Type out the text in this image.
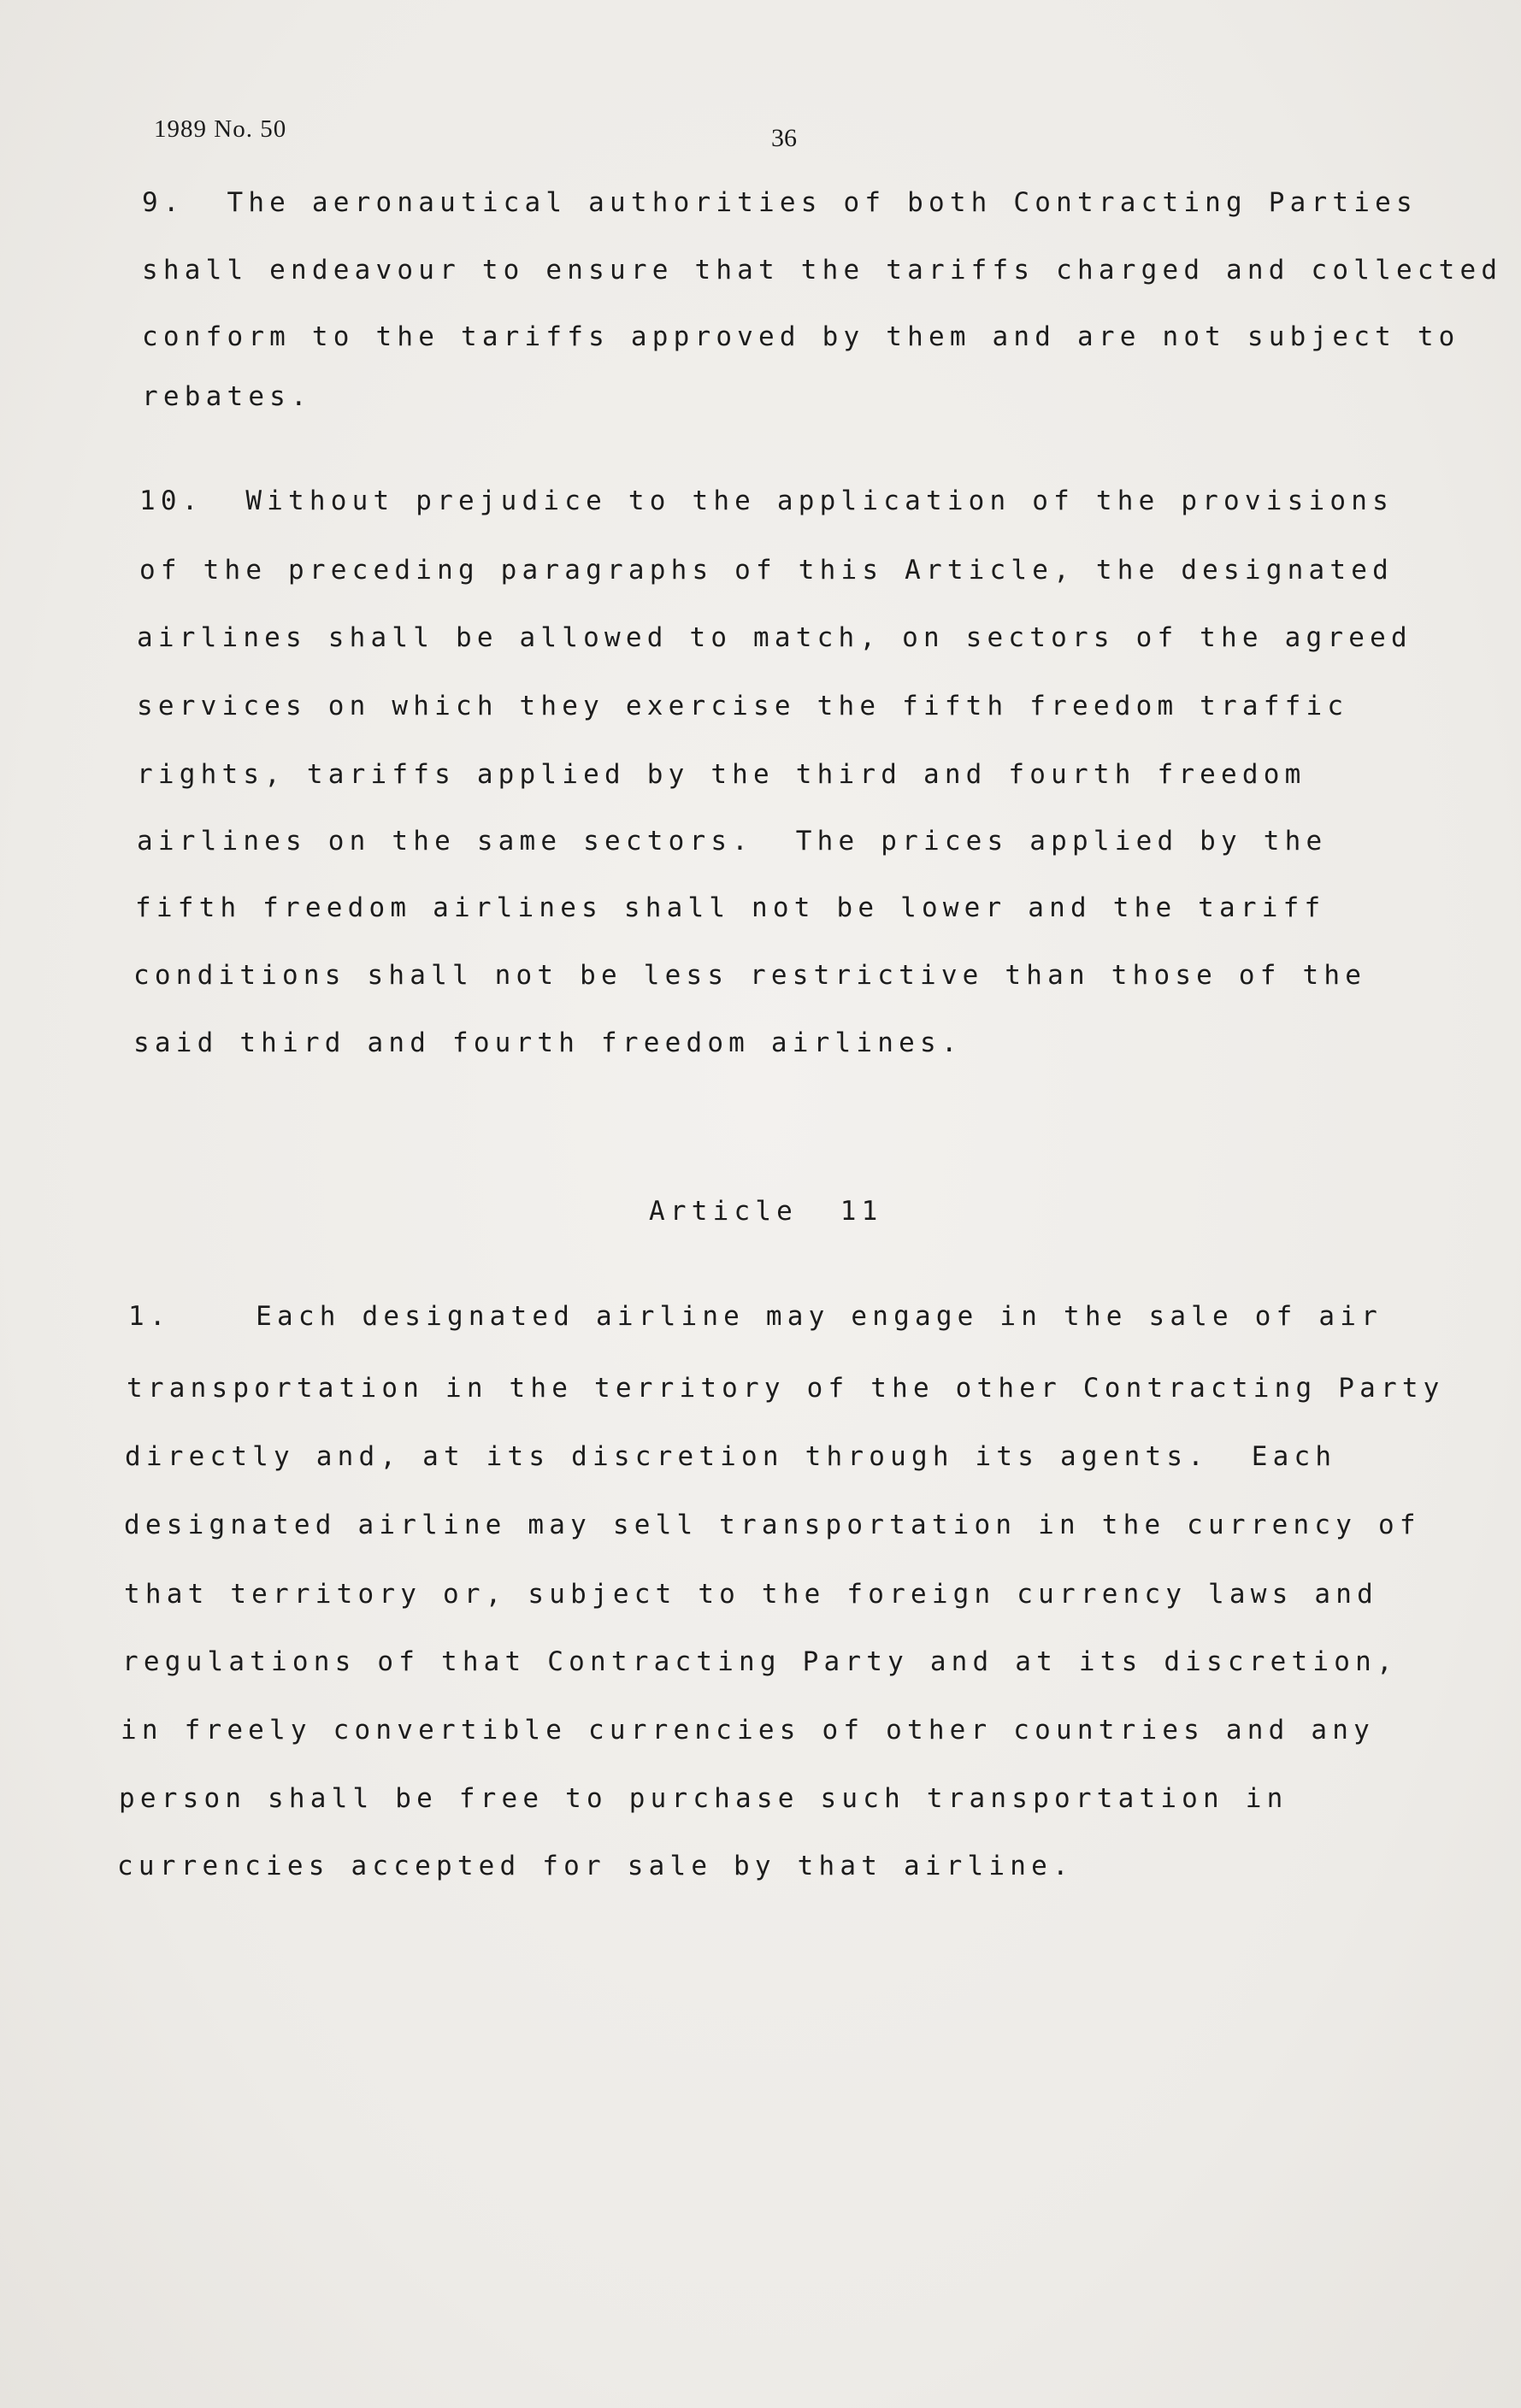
1989 No. 50	36
9.  The aeronautical authorities of both Contracting Parties
shall endeavour to ensure that the tariffs charged and collected
conform to the tariffs approved by them and are not subject to
rebates.
10.  Without prejudice to the application of the provisions
of the preceding paragraphs of this Article, the designated
airlines shall be allowed to match, on sectors of the agreed
services on which they exercise the fifth freedom traffic
rights, tariffs applied by the third and fourth freedom
airlines on the same sectors.  The prices applied by the
fifth freedom airlines shall not be lower and the tariff
conditions shall not be less restrictive than those of the
said third and fourth freedom airlines.
Article  11
1.    Each designated airline may engage in the sale of air
transportation in the territory of the other Contracting Party
directly and, at its discretion through its agents.  Each
designated airline may sell transportation in the currency of
that territory or, subject to the foreign currency laws and
regulations of that Contracting Party and at its discretion,
in freely convertible currencies of other countries and any
person shall be free to purchase such transportation in
currencies accepted for sale by that airline.
